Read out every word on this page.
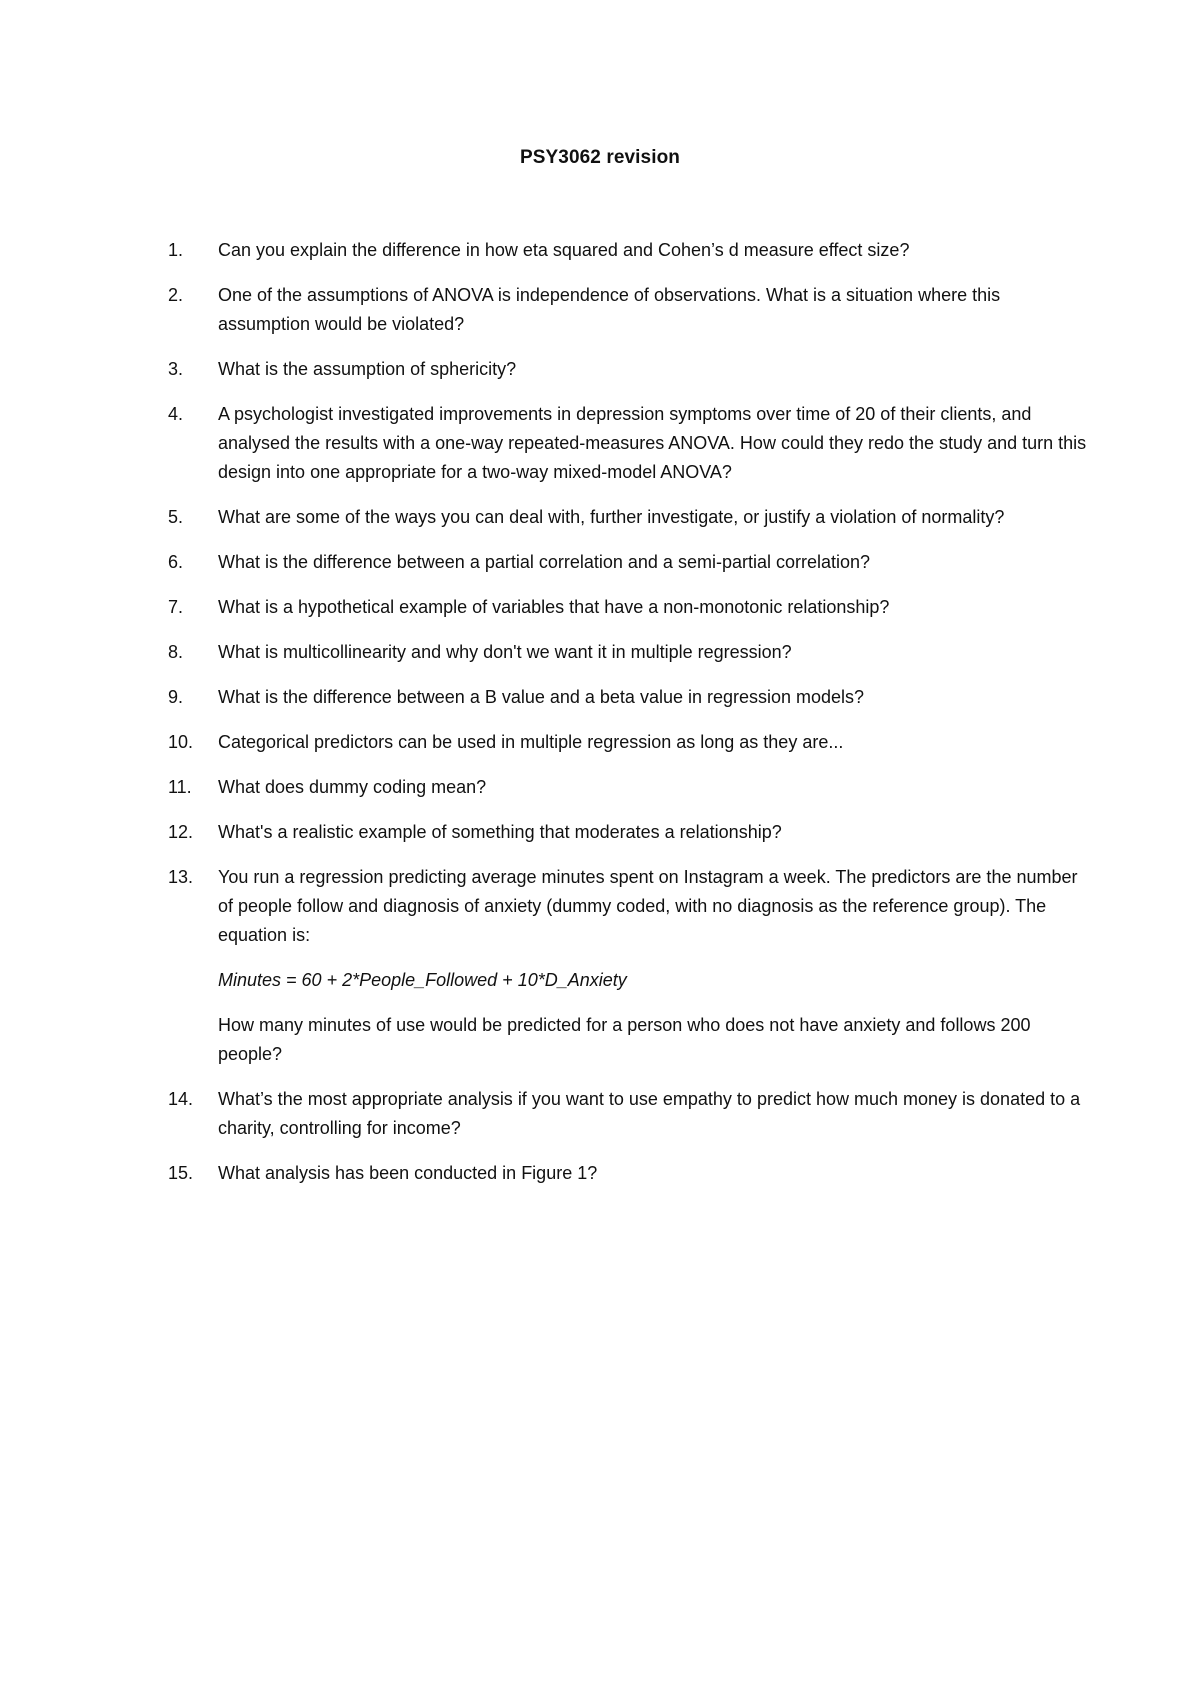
PSY3062 revision
1. Can you explain the difference in how eta squared and Cohen’s d measure effect size?
2. One of the assumptions of ANOVA is independence of observations. What is a situation where this assumption would be violated?
3. What is the assumption of sphericity?
4. A psychologist investigated improvements in depression symptoms over time of 20 of their clients, and analysed the results with a one-way repeated-measures ANOVA. How could they redo the study and turn this design into one appropriate for a two-way mixed-model ANOVA?
5. What are some of the ways you can deal with, further investigate, or justify a violation of normality?
6. What is the difference between a partial correlation and a semi-partial correlation?
7. What is a hypothetical example of variables that have a non-monotonic relationship?
8. What is multicollinearity and why don't we want it in multiple regression?
9. What is the difference between a B value and a beta value in regression models?
10. Categorical predictors can be used in multiple regression as long as they are...
11. What does dummy coding mean?
12. What's a realistic example of something that moderates a relationship?
13. You run a regression predicting average minutes spent on Instagram a week. The predictors are the number of people follow and diagnosis of anxiety (dummy coded, with no diagnosis as the reference group). The equation is:
Minutes = 60 + 2*People_Followed + 10*D_Anxiety
How many minutes of use would be predicted for a person who does not have anxiety and follows 200 people?
14. What’s the most appropriate analysis if you want to use empathy to predict how much money is donated to a charity, controlling for income?
15. What analysis has been conducted in Figure 1?
